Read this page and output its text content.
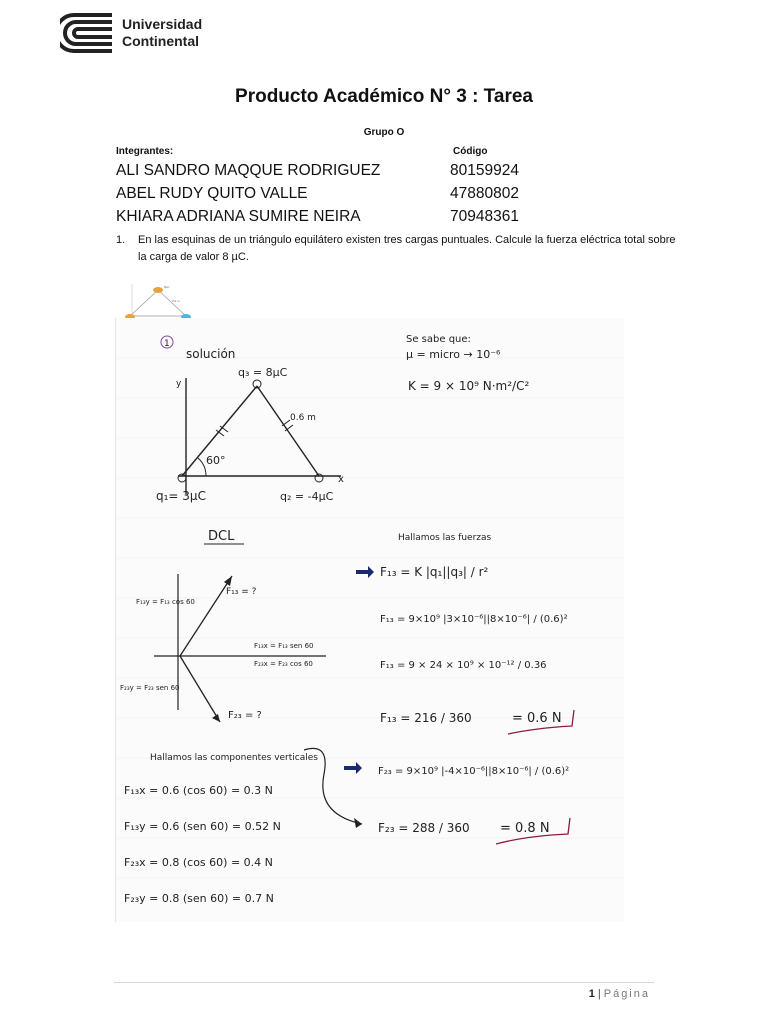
Universidad
Continental
Producto Académico N° 3 : Tarea
Grupo O
Integrantes:	Código
ALI SANDRO MAQQUE RODRIGUEZ	80159924
ABEL RUDY QUITO VALLE	47880802
KHIARA ADRIANA SUMIRE NEIRA	70948361
1. En las esquinas de un triángulo equilátero existen tres cargas puntuales. Calcule la fuerza eléctrica total sobre la carga de valor 8 µC.
8µC
0.6 m
1
solución
Se sabe que:
µ = micro → 10⁻⁶
K = 9 × 10⁹ N·m²/C²
y
x
q₃ = 8µC
0.6 m
60°
q₁= 3µC	q₂ = -4µC
DCL
F₁₃ = ?
F₂₃ = ?
F₁₃y = F₁₃ cos 60
F₁₃x = F₁₃ sen 60
F₂₃x = F₂₃ cos 60
F₂₃y = F₂₃ sen 60
Hallamos las fuerzas
F₁₃ = K |q₁||q₃| / r²
F₁₃ = 9×10⁹ |3×10⁻⁶||8×10⁻⁶| / (0.6)²
F₁₃ = 9 × 24 × 10⁹ × 10⁻¹² / 0.36
F₁₃ = 216 / 360	= 0.6 N
F₂₃ = 9×10⁹ |-4×10⁻⁶||8×10⁻⁶| / (0.6)²
F₂₃ = 288 / 360 = 0.8 N
Hallamos las componentes verticales
F₁₃x = 0.6 (cos 60) = 0.3 N
F₁₃y = 0.6 (sen 60) = 0.52 N
F₂₃x = 0.8 (cos 60) = 0.4 N
F₂₃y = 0.8 (sen 60) = 0.7 N
1 | Página
